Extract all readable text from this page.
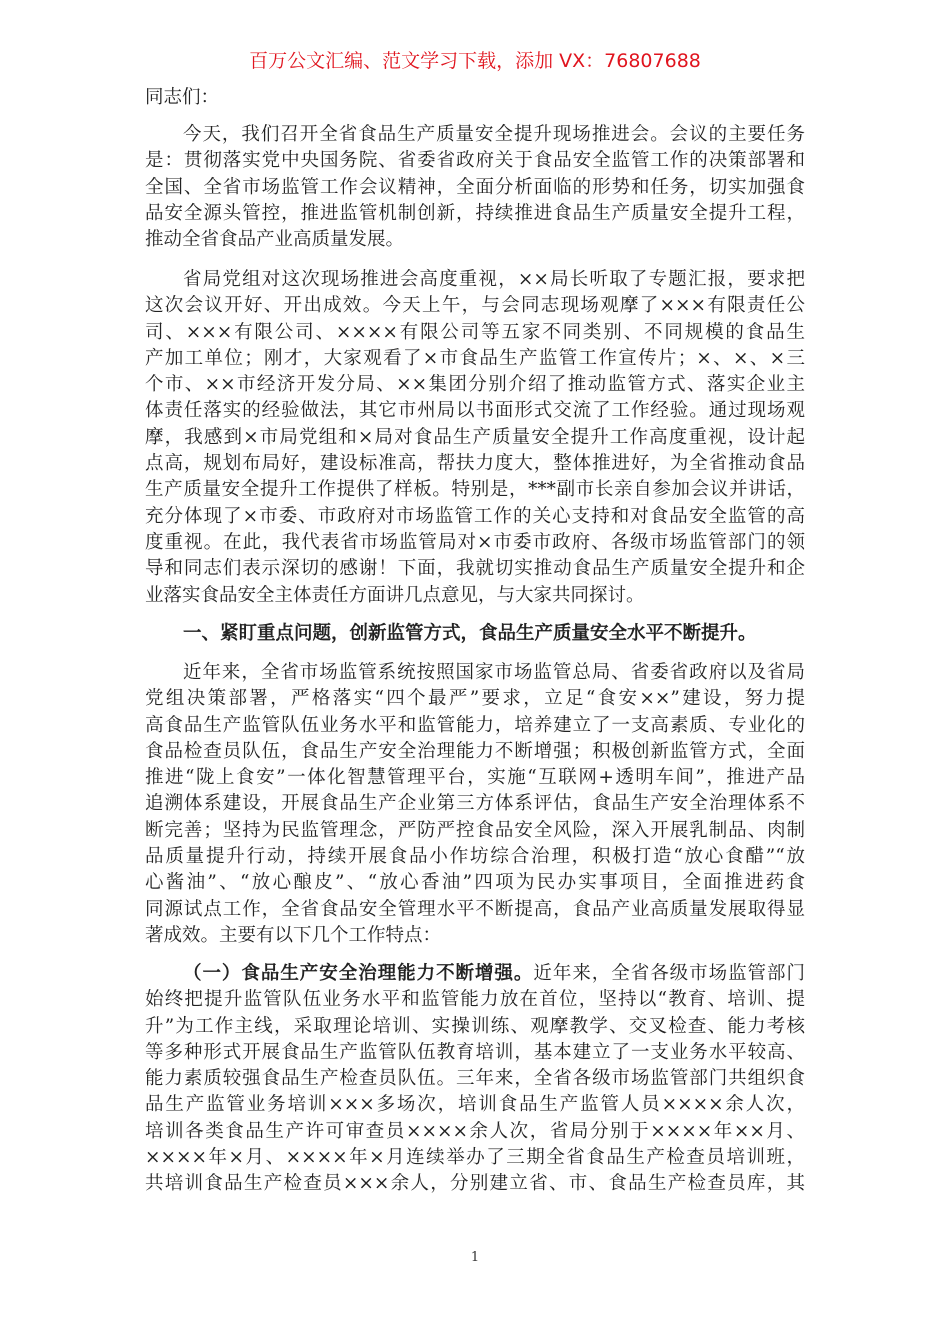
百万公文汇编、范文学习下载，添加 VX：76807688
同志们：
今天，我们召开全省食品生产质量安全提升现场推进会。会议的主要任务
是：贯彻落实党中央国务院、省委省政府关于食品安全监管工作的决策部署和
全国、全省市场监管工作会议精神，全面分析面临的形势和任务，切实加强食
品安全源头管控，推进监管机制创新，持续推进食品生产质量安全提升工程，
推动全省食品产业高质量发展。
省局党组对这次现场推进会高度重视，××局长听取了专题汇报，要求把
这次会议开好、开出成效。今天上午，与会同志现场观摩了×××有限责任公
司、×××有限公司、××××有限公司等五家不同类别、不同规模的食品生
产加工单位；刚才，大家观看了×市食品生产监管工作宣传片；×、×、×三
个市、××市经济开发分局、××集团分别介绍了推动监管方式、落实企业主
体责任落实的经验做法，其它市州局以书面形式交流了工作经验。通过现场观
摩，我感到×市局党组和×局对食品生产质量安全提升工作高度重视，设计起
点高，规划布局好，建设标准高，帮扶力度大，整体推进好，为全省推动食品
生产质量安全提升工作提供了样板。特别是，***副市长亲自参加会议并讲话，
充分体现了×市委、市政府对市场监管工作的关心支持和对食品安全监管的高
度重视。在此，我代表省市场监管局对×市委市政府、各级市场监管部门的领
导和同志们表示深切的感谢！下面，我就切实推动食品生产质量安全提升和企
业落实食品安全主体责任方面讲几点意见，与大家共同探讨。
一、紧盯重点问题，创新监管方式，食品生产质量安全水平不断提升。
近年来，全省市场监管系统按照国家市场监管总局、省委省政府以及省局
党组决策部署，严格落实“四个最严”要求，立足“食安××”建设，努力提
高食品生产监管队伍业务水平和监管能力，培养建立了一支高素质、专业化的
食品检查员队伍，食品生产安全治理能力不断增强；积极创新监管方式，全面
推进“陇上食安”一体化智慧管理平台，实施“互联网+透明车间”，推进产品
追溯体系建设，开展食品生产企业第三方体系评估，食品生产安全治理体系不
断完善；坚持为民监管理念，严防严控食品安全风险，深入开展乳制品、肉制
品质量提升行动，持续开展食品小作坊综合治理，积极打造“放心食醋”“放
心酱油”、“放心酿皮”、“放心香油”四项为民办实事项目，全面推进药食
同源试点工作，全省食品安全管理水平不断提高，食品产业高质量发展取得显
著成效。主要有以下几个工作特点：
（一）食品生产安全治理能力不断增强。近年来，全省各级市场监管部门
始终把提升监管队伍业务水平和监管能力放在首位，坚持以“教育、培训、提
升”为工作主线，采取理论培训、实操训练、观摩教学、交叉检查、能力考核
等多种形式开展食品生产监管队伍教育培训，基本建立了一支业务水平较高、
能力素质较强食品生产检查员队伍。三年来，全省各级市场监管部门共组织食
品生产监管业务培训×××多场次，培训食品生产监管人员××××余人次，
培训各类食品生产许可审查员××××余人次，省局分别于××××年××月、
××××年×月、××××年×月连续举办了三期全省食品生产检查员培训班，
共培训食品生产检查员×××余人，分别建立省、市、食品生产检查员库，其
1
